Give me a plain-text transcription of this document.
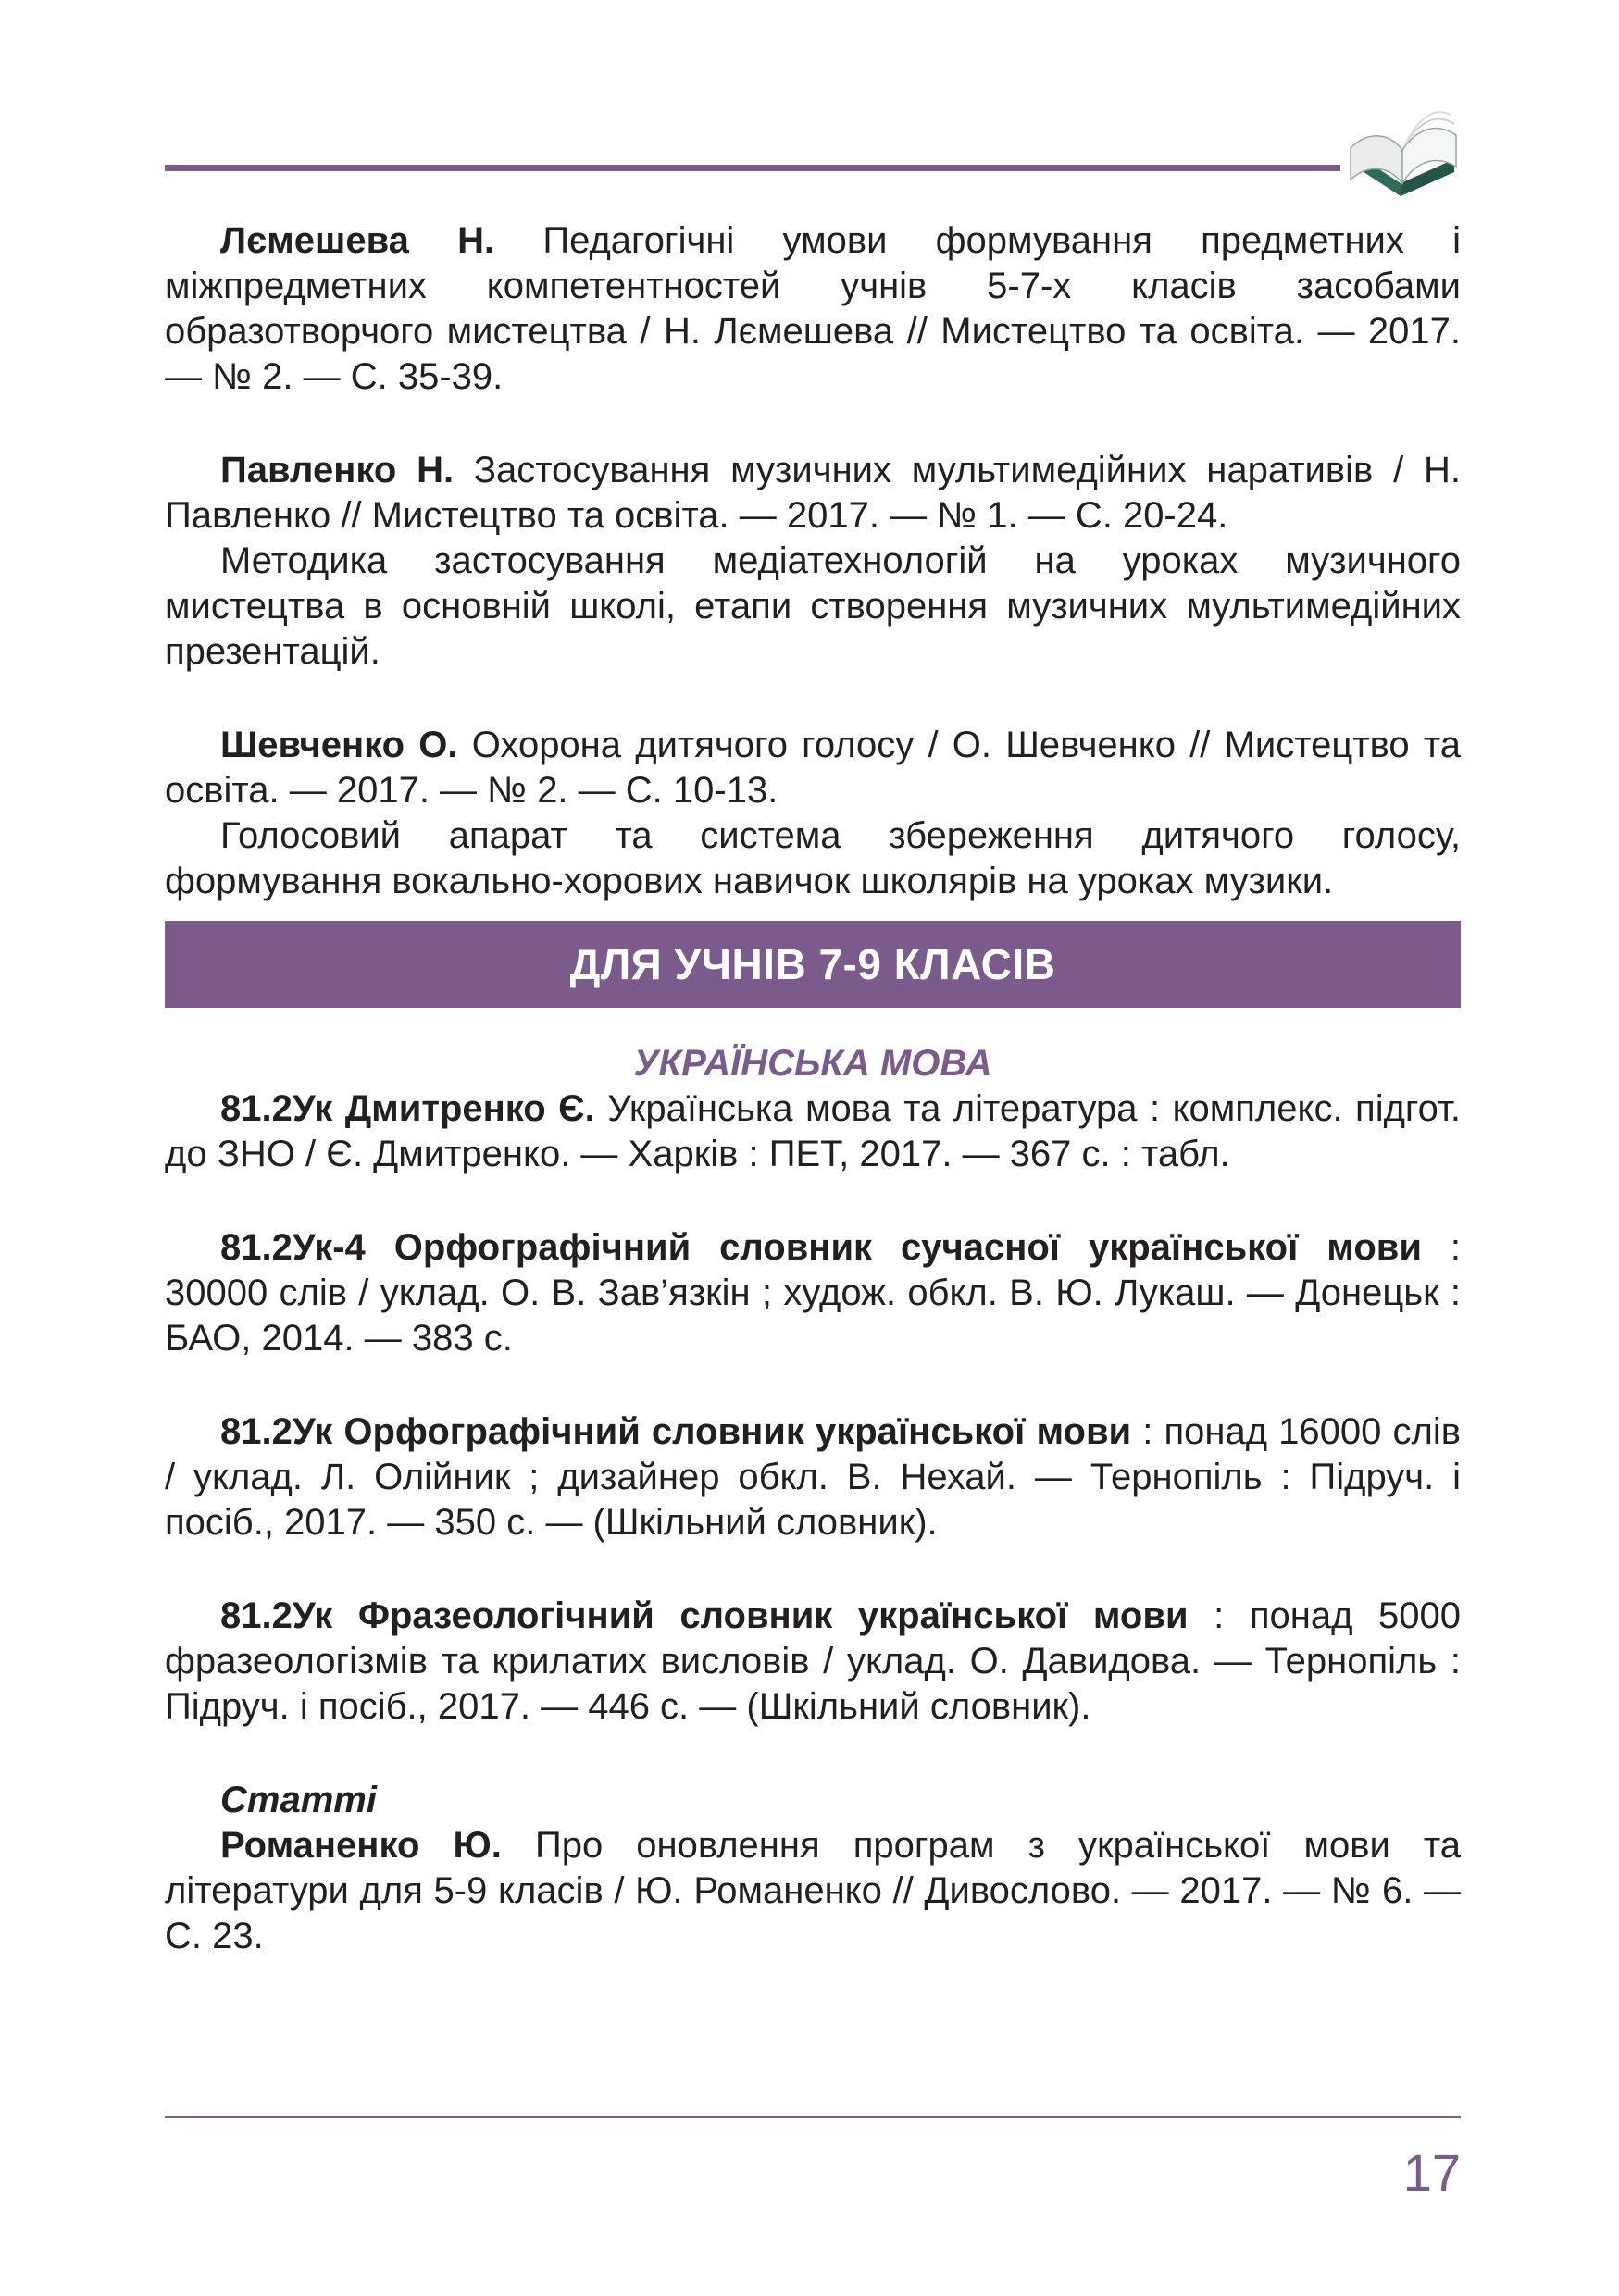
Лємешева Н. Педагогічні умови формування предметних і міжпредметних компетентностей учнів 5-7-х класів засобами образотворчого мистецтва / Н. Лємешева // Мистецтво та освіта. — 2017. — № 2. — С. 35-39.

Павленко Н. Застосування музичних мультимедійних наративів / Н. Павленко // Мистецтво та освіта. — 2017. — № 1. — С. 20-24.

Методика застосування медіатехнологій на уроках музичного мистецтва в основній школі, етапи створення музичних мультимедійних презентацій.

Шевченко О. Охорона дитячого голосу / О. Шевченко // Мистецтво та освіта. — 2017. — № 2. — С. 10-13.

Голосовий апарат та система збереження дитячого голосу, формування вокально-хорових навичок школярів на уроках музики.

ДЛЯ УЧНІВ 7-9 КЛАСІВ
УКРАЇНСЬКА МОВА

81.2Ук Дмитренко Є. Українська мова та література : комплекс. підгот. до ЗНО / Є. Дмитренко. — Харків : ПЕТ, 2017. — 367 с. : табл.

81.2Ук-4 Орфографічний словник сучасної української мови : 30000 слів / уклад. О. В. Зав’язкін ; худож. обкл. В. Ю. Лукаш. — Донецьк : БАО, 2014. — 383 с.

81.2Ук Орфографічний словник української мови : понад 16000 слів / уклад. Л. Олійник ; дизайнер обкл. В. Нехай. — Тернопіль : Підруч. і посіб., 2017. — 350 с. — (Шкільний словник).

81.2Ук Фразеологічний словник української мови : понад 5000 фразеологізмів та крилатих висловів / уклад. О. Давидова. — Тернопіль : Підруч. і посіб., 2017. — 446 с. — (Шкільний словник).

Статті

Романенко Ю. Про оновлення програм з української мови та літератури для 5-9 класів / Ю. Романенко // Дивослово. — 2017. — № 6. — С. 23.

17
